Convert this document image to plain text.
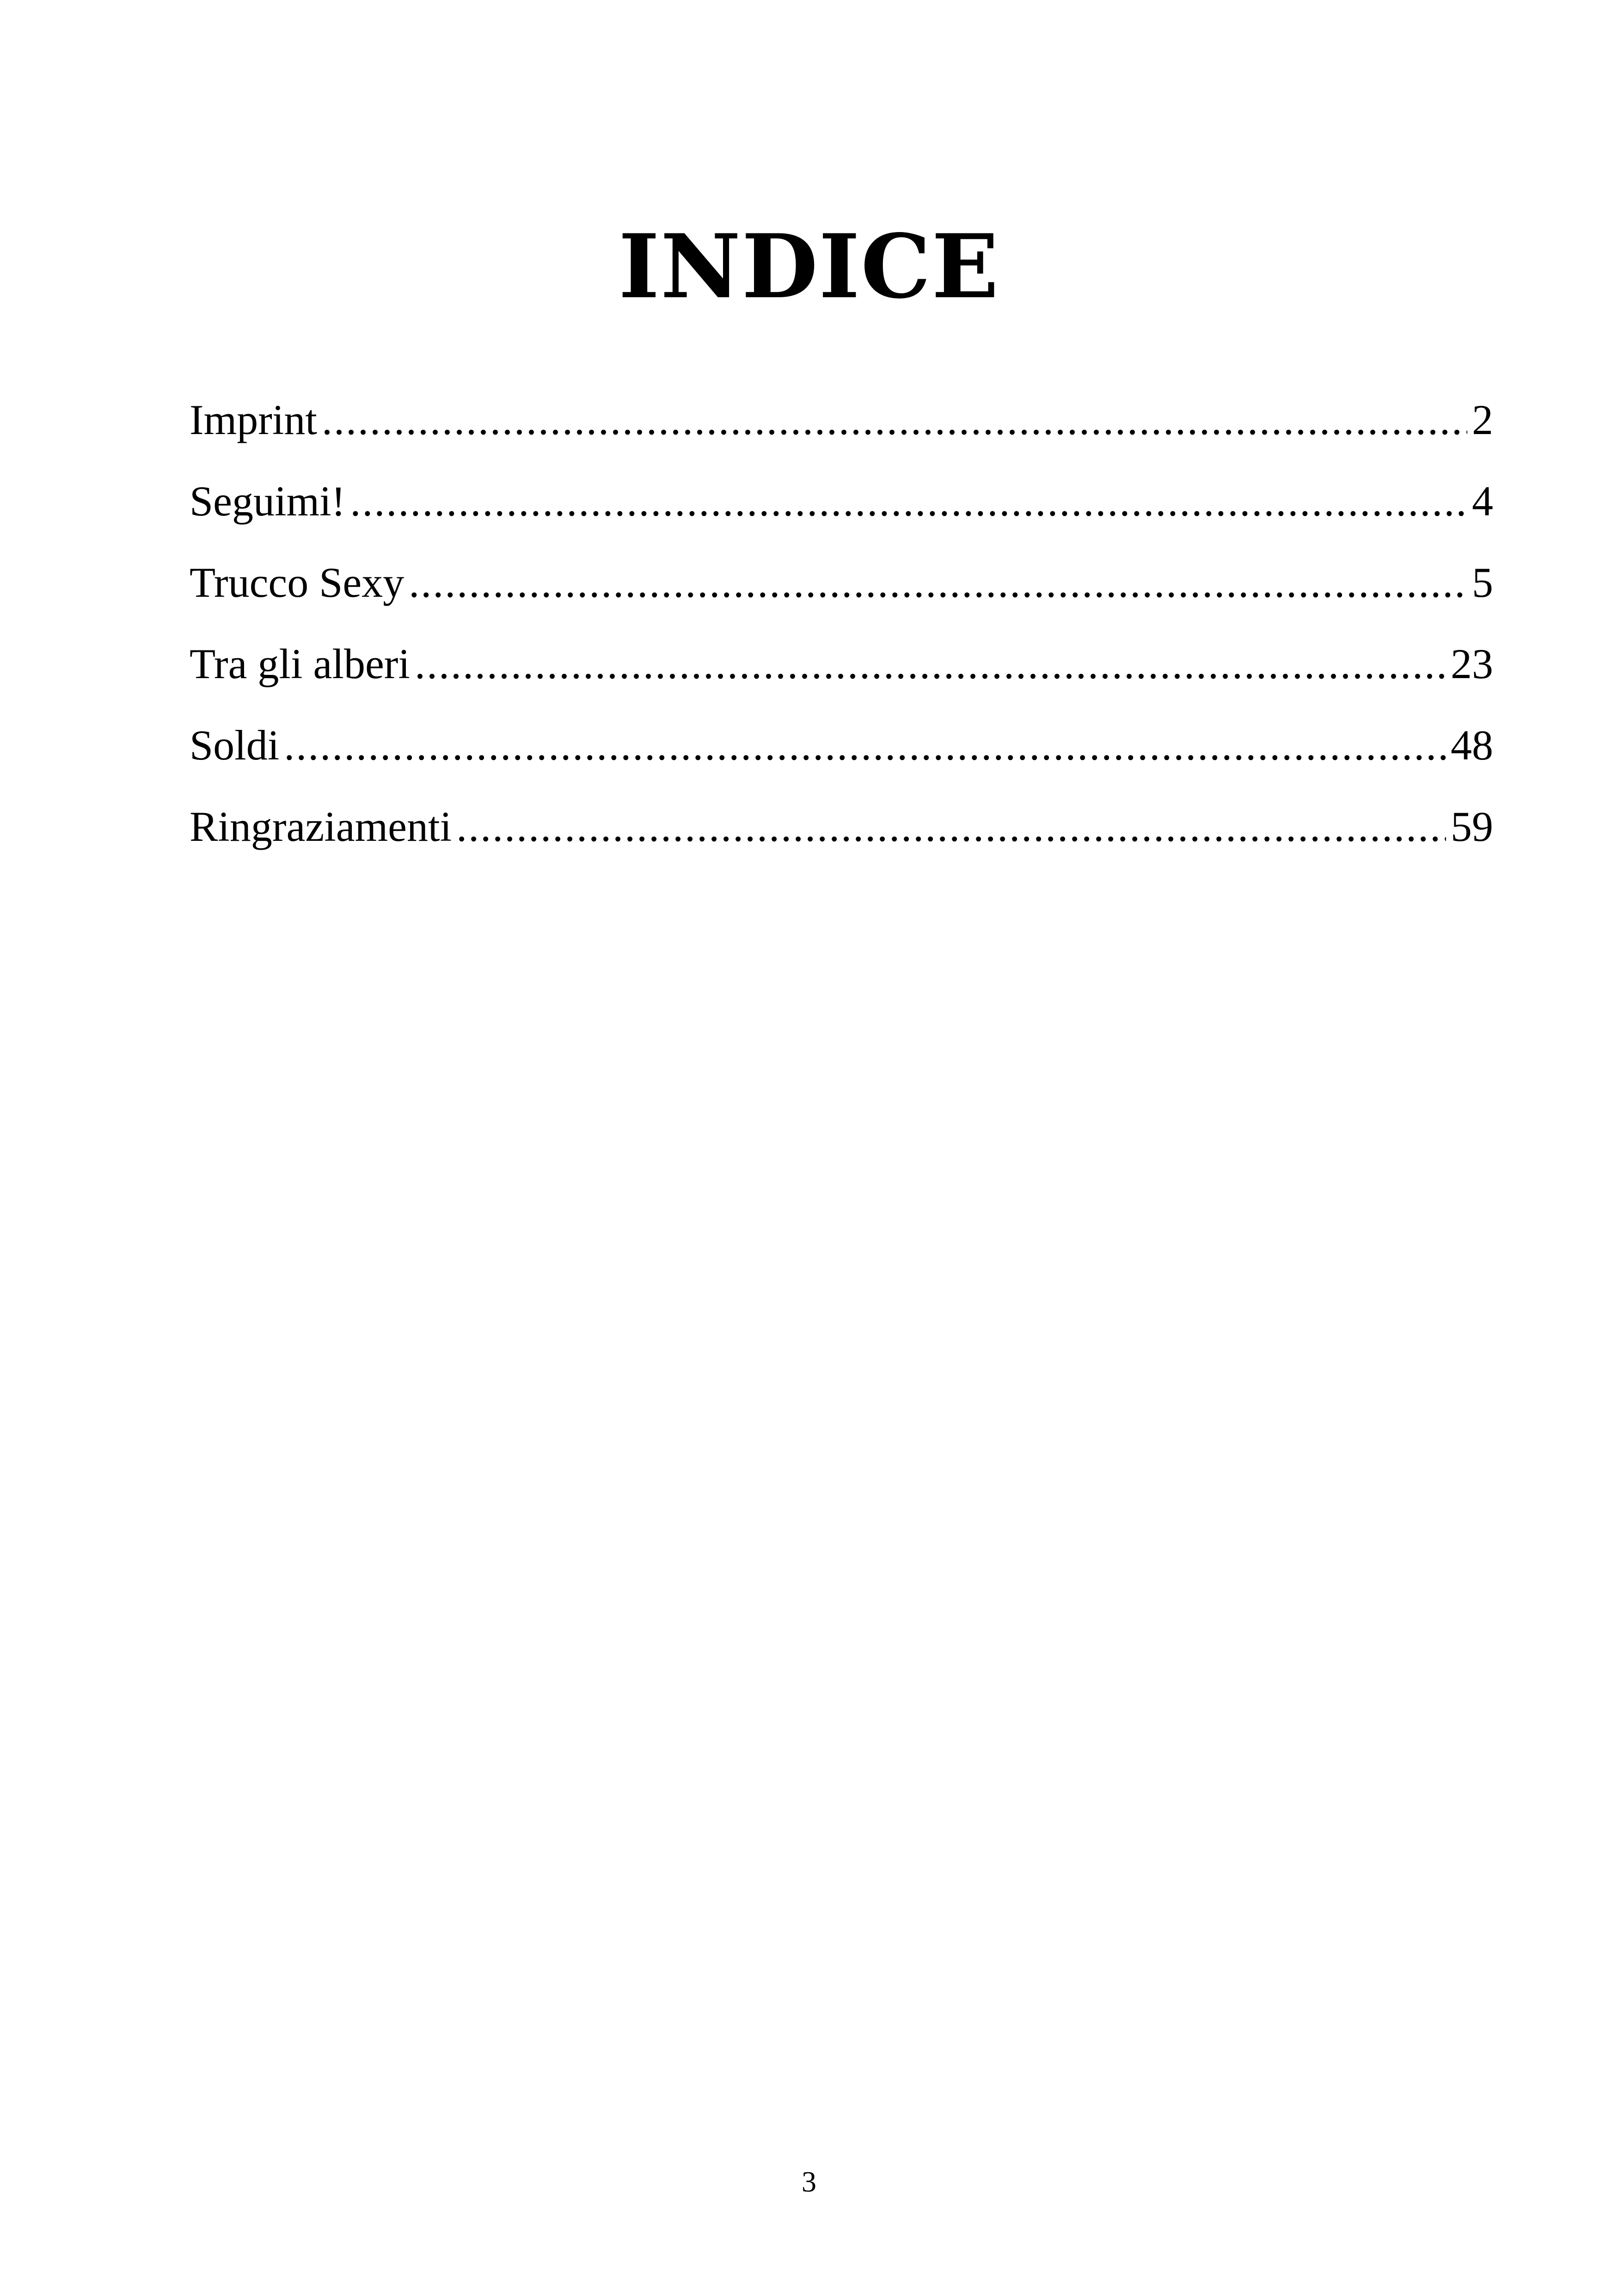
INDICE
Imprint .....	2
Seguimi! .....	4
Trucco Sexy .....	5
Tra gli alberi .....	23
Soldi .....	48
Ringraziamenti .....	59
3
